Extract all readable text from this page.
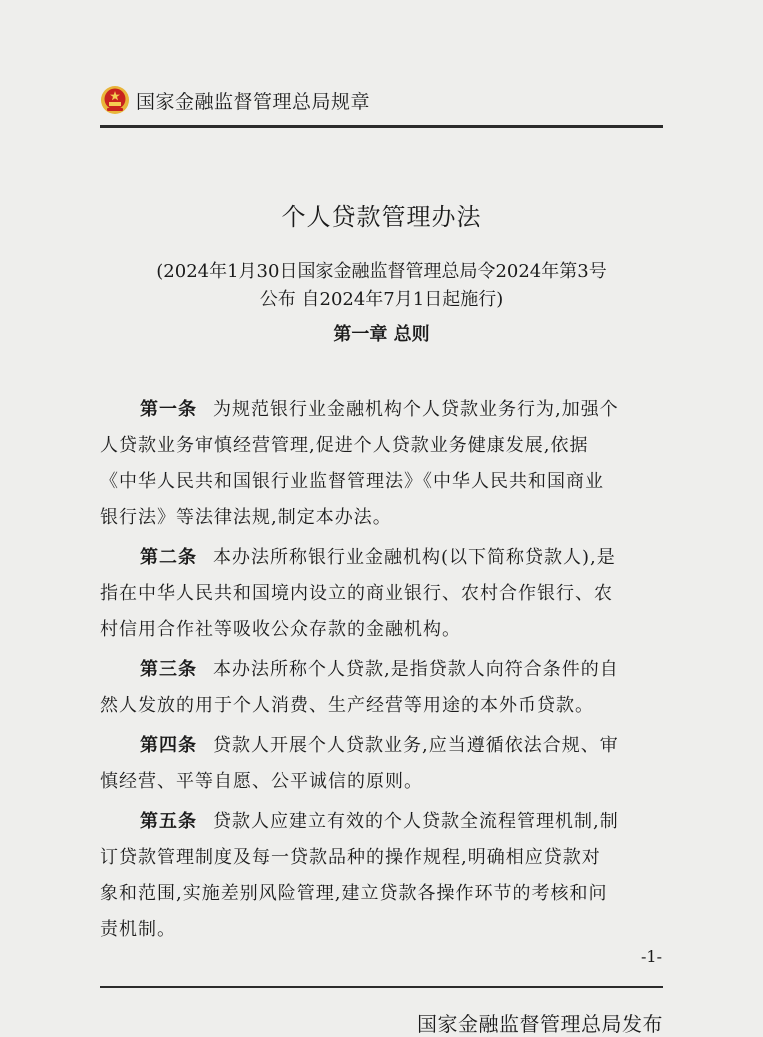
国家金融监督管理总局规章
个人贷款管理办法
(2024年1月30日国家金融监督管理总局令2024年第3号
公布 自2024年7月1日起施行)
第一章 总则
第一条 为规范银行业金融机构个人贷款业务行为,加强个
人贷款业务审慎经营管理,促进个人贷款业务健康发展,依据
《中华人民共和国银行业监督管理法》《中华人民共和国商业
银行法》等法律法规,制定本办法。
第二条 本办法所称银行业金融机构(以下简称贷款人),是
指在中华人民共和国境内设立的商业银行、农村合作银行、农
村信用合作社等吸收公众存款的金融机构。
第三条 本办法所称个人贷款,是指贷款人向符合条件的自
然人发放的用于个人消费、生产经营等用途的本外币贷款。
第四条 贷款人开展个人贷款业务,应当遵循依法合规、审
慎经营、平等自愿、公平诚信的原则。
第五条 贷款人应建立有效的个人贷款全流程管理机制,制
订贷款管理制度及每一贷款品种的操作规程,明确相应贷款对
象和范围,实施差别风险管理,建立贷款各操作环节的考核和问
责机制。
-1-
国家金融监督管理总局发布
